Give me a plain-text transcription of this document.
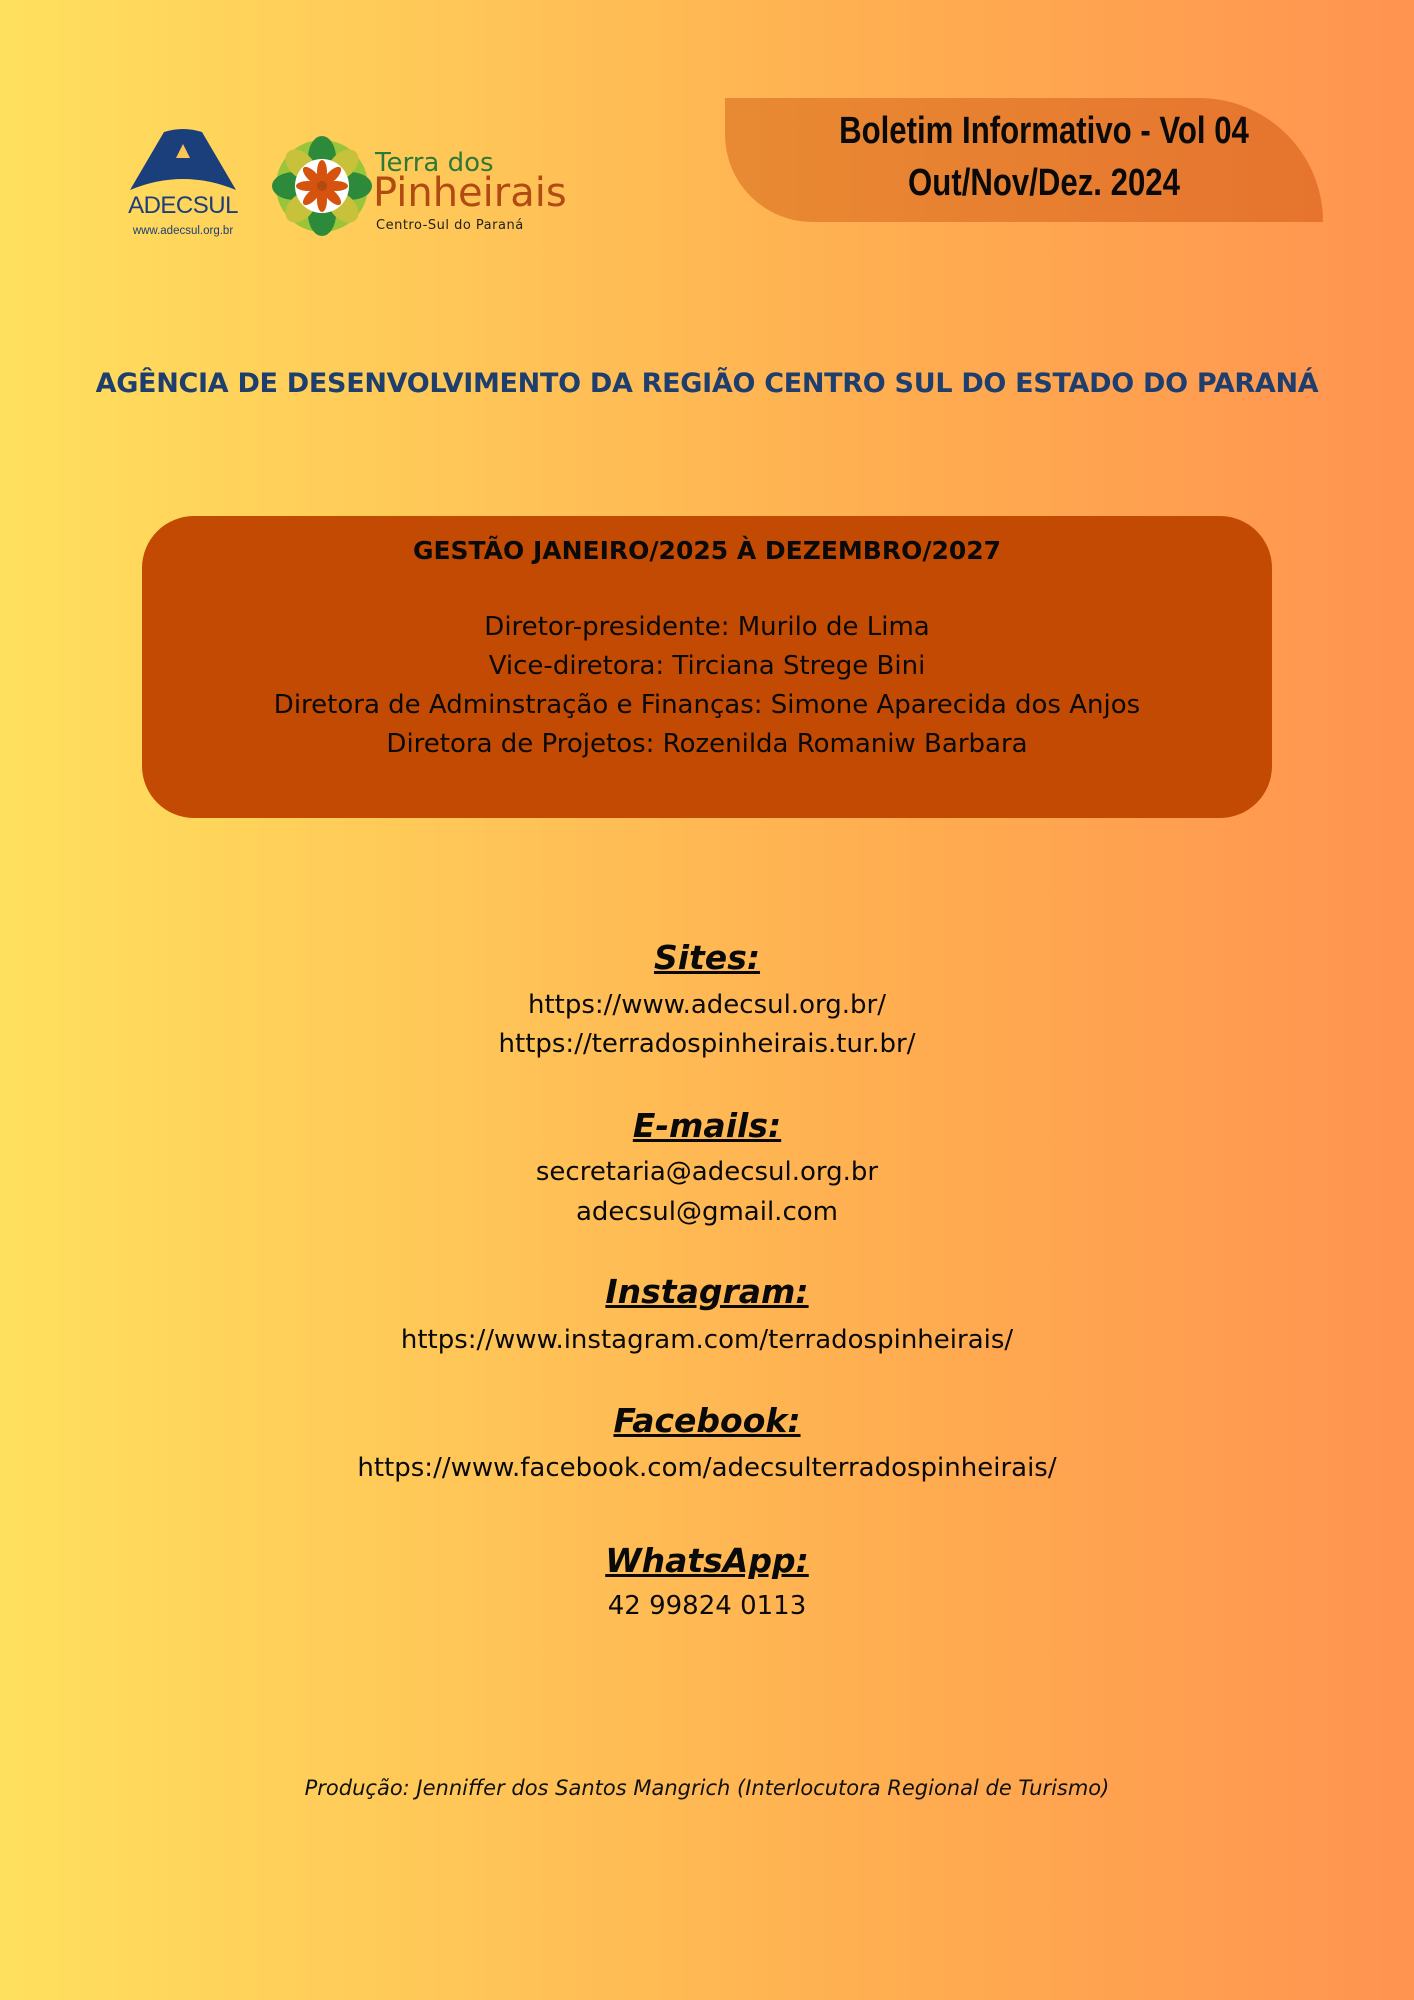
ADECSUL
www.adecsul.org.br
Terra dos
Pinheirais
Centro-Sul do Paraná
Boletim Informativo - Vol 04
Out/Nov/Dez. 2024
AGÊNCIA DE DESENVOLVIMENTO DA REGIÃO CENTRO SUL DO ESTADO DO PARANÁ
GESTÃO JANEIRO/2025 À DEZEMBRO/2027
Diretor-presidente: Murilo de Lima
Vice-diretora: Tirciana Strege Bini
Diretora de Adminstração e Finanças: Simone Aparecida dos Anjos
Diretora de Projetos: Rozenilda Romaniw Barbara
Sites:
https://www.adecsul.org.br/
https://terradospinheirais.tur.br/
E-mails:
secretaria@adecsul.org.br
adecsul@gmail.com
Instagram:
https://www.instagram.com/terradospinheirais/
Facebook:
https://www.facebook.com/adecsulterradospinheirais/
WhatsApp:
42 99824 0113
Produção: Jenniffer dos Santos Mangrich (Interlocutora Regional de Turismo)
